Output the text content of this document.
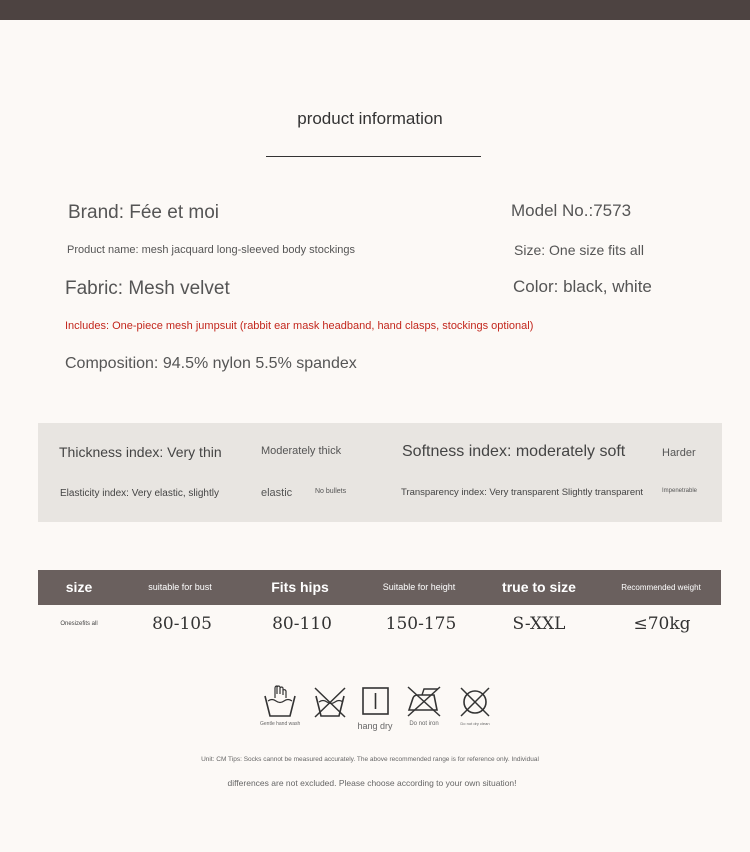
product information
Brand: Fée et moi	Model No.:7573
Product name: mesh jacquard long-sleeved body stockings	Size: One size fits all
Fabric: Mesh velvet	Color: black, white
Includes: One-piece mesh jumpsuit (rabbit ear mask headband, hand clasps, stockings optional)
Composition: 94.5% nylon 5.5% spandex
Thickness index: Very thin	Moderately thick	Softness index: moderately soft	Harder
Elasticity index: Very elastic, slightly	elastic	No bullets	Transparency index: Very transparent Slightly transparent	Impenetrable
size	suitable for bust	Fits hips	Suitable for height	true to size	Recommended weight
Onesizefits all	80-105	80-110	150-175	S-XXL	≤70kg
Gentle hand wash	hang dry	Do not iron	Do not dry clean
Unit: CM Tips: Socks cannot be measured accurately. The above recommended range is for reference only. Individual
differences are not excluded. Please choose according to your own situation!
